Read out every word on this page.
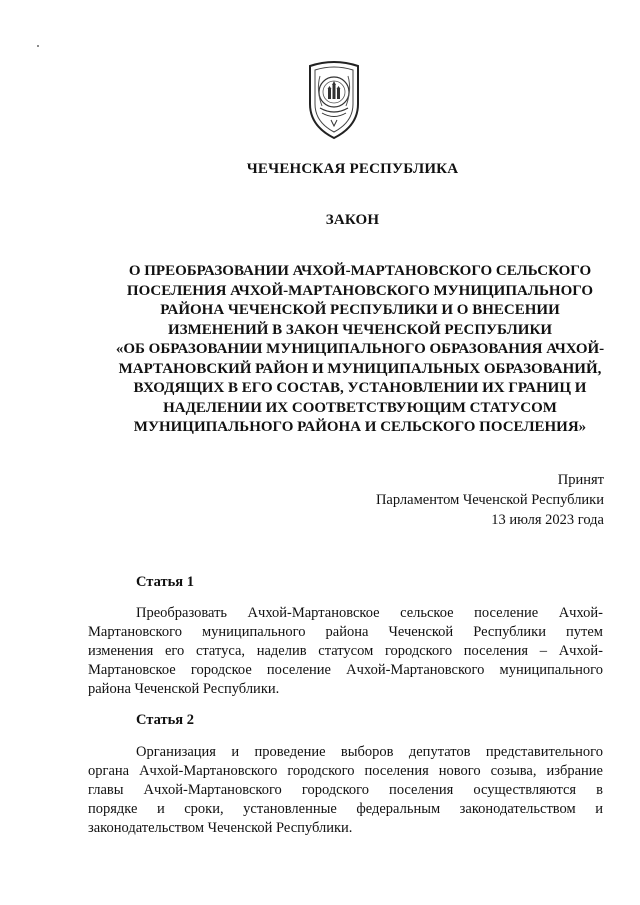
ЧЕЧЕНСКАЯ РЕСПУБЛИКА
ЗАКОН
О ПРЕОБРАЗОВАНИИ АЧХОЙ-МАРТАНОВСКОГО СЕЛЬСКОГО
ПОСЕЛЕНИЯ АЧХОЙ-МАРТАНОВСКОГО МУНИЦИПАЛЬНОГО
РАЙОНА ЧЕЧЕНСКОЙ РЕСПУБЛИКИ И О ВНЕСЕНИИ
ИЗМЕНЕНИЙ В ЗАКОН ЧЕЧЕНСКОЙ РЕСПУБЛИКИ
«ОБ ОБРАЗОВАНИИ МУНИЦИПАЛЬНОГО ОБРАЗОВАНИЯ АЧХОЙ-
МАРТАНОВСКИЙ РАЙОН И МУНИЦИПАЛЬНЫХ ОБРАЗОВАНИЙ,
ВХОДЯЩИХ В ЕГО СОСТАВ, УСТАНОВЛЕНИИ ИХ ГРАНИЦ И
НАДЕЛЕНИИ ИХ СООТВЕТСТВУЮЩИМ СТАТУСОМ
МУНИЦИПАЛЬНОГО РАЙОНА И СЕЛЬСКОГО ПОСЕЛЕНИЯ»
Принят
Парламентом Чеченской Республики
13 июля 2023 года
Статья 1
Преобразовать Ачхой-Мартановское сельское поселение Ачхой-
Мартановского муниципального района Чеченской Республики путем
изменения его статуса, наделив статусом городского поселения – Ачхой-
Мартановское городское поселение Ачхой-Мартановского муниципального
района Чеченской Республики.
Статья 2
Организация и проведение выборов депутатов представительного
органа Ачхой-Мартановского городского поселения нового созыва, избрание
главы Ачхой-Мартановского городского поселения осуществляются в
порядке и сроки, установленные федеральным законодательством и
законодательством Чеченской Республики.
